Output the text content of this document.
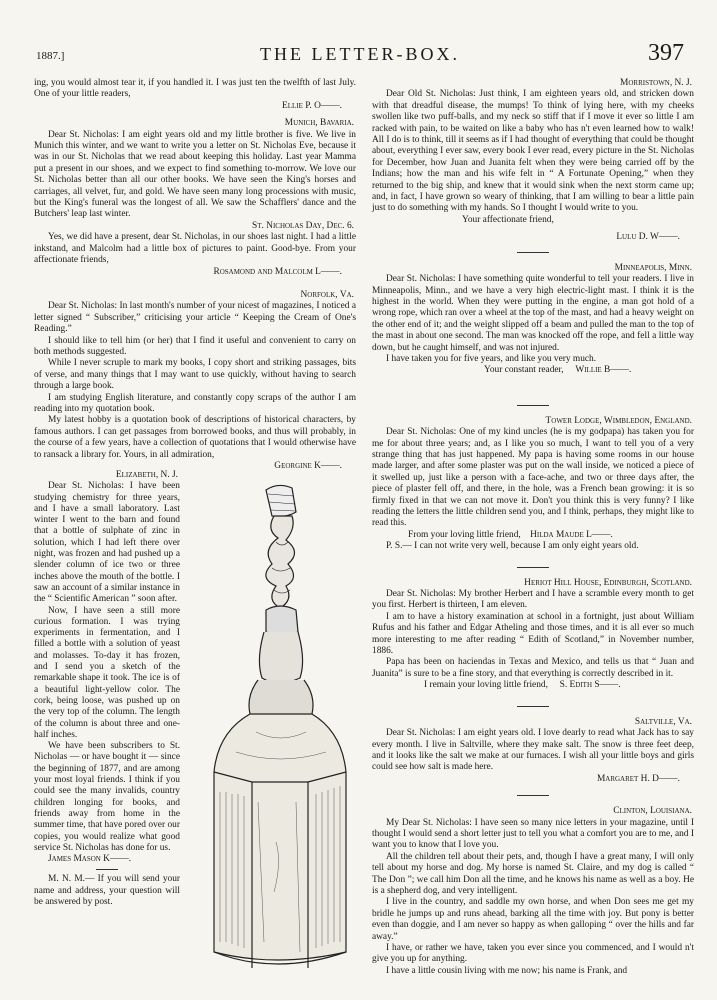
1887.]	THE LETTER-BOX.	397

ing, you would almost tear it, if you handled it. I was just ten the twelfth of last July. One of your little readers,

Ellie P. O——.

Munich, Bavaria.

Dear St. Nicholas: I am eight years old and my little brother is five. We live in Munich this winter, and we want to write you a letter on St. Nicholas Eve, because it was in our St. Nicholas that we read about keeping this holiday. Last year Mamma put a present in our shoes, and we expect to find something to-morrow. We love our St. Nicholas better than all our other books. We have seen the King's horses and carriages, all velvet, fur, and gold. We have seen many long processions with music, but the King's funeral was the longest of all. We saw the Schafflers' dance and the Butchers' leap last winter.

St. Nicholas Day, Dec. 6.

Yes, we did have a present, dear St. Nicholas, in our shoes last night. I had a little inkstand, and Malcolm had a little box of pictures to paint. Good-bye. From your affectionate friends,

Rosamond and Malcolm L——.

Norfolk, Va.

Dear St. Nicholas: In last month's number of your nicest of magazines, I noticed a letter signed “ Subscriber,” criticising your article “ Keeping the Cream of One's Reading.”

I should like to tell him (or her) that I find it useful and convenient to carry on both methods suggested.

While I never scruple to mark my books, I copy short and striking passages, bits of verse, and many things that I may want to use quickly, without having to search through a large book.

I am studying English literature, and constantly copy scraps of the author I am reading into my quotation book.

My latest hobby is a quotation book of descriptions of historical characters, by famous authors. I can get passages from borrowed books, and thus will probably, in the course of a few years, have a collection of quotations that I would otherwise have to ransack a library for. Yours, in all admiration,

Georgine K——.

Elizabeth, N. J.

Dear St. Nicholas: I have been studying chemistry for three years, and I have a small laboratory. Last winter I went to the barn and found that a bottle of sulphate of zinc in solution, which I had left there over night, was frozen and had pushed up a slender column of ice two or three inches above the mouth of the bottle. I saw an account of a similar instance in the “ Scientific American ” soon after.

Now, I have seen a still more curious formation. I was trying experiments in fermentation, and I filled a bottle with a solution of yeast and molasses. To-day it has frozen, and I send you a sketch of the remarkable shape it took. The ice is of a beautiful light-yellow color. The cork, being loose, was pushed up on the very top of the column. The length of the column is about three and one-half inches.

We have been subscribers to St. Nicholas — or have bought it — since the beginning of 1877, and are among your most loyal friends. I think if you could see the many invalids, country children longing for books, and friends away from home in the summer time, that have pored over our copies, you would realize what good service St. Nicholas has done for us.

James Mason K——.

M. N. M.— If you will send your name and address, your question will be answered by post.

Morristown, N. J.

Dear Old St. Nicholas: Just think, I am eighteen years old, and stricken down with that dreadful disease, the mumps! To think of lying here, with my cheeks swollen like two puff-balls, and my neck so stiff that if I move it ever so little I am racked with pain, to be waited on like a baby who has n't even learned how to walk! All I do is to think, till it seems as if I had thought of everything that could be thought about, everything I ever saw, every book I ever read, every picture in the St. Nicholas for December, how Juan and Juanita felt when they were being carried off by the Indians; how the man and his wife felt in “ A Fortunate Opening,” when they returned to the big ship, and knew that it would sink when the next storm came up; and, in fact, I have grown so weary of thinking, that I am willing to bear a little pain just to do something with my hands. So I thought I would write to you.

Your affectionate friend,

Lulu D. W——.

Minneapolis, Minn.

Dear St. Nicholas: I have something quite wonderful to tell your readers. I live in Minneapolis, Minn., and we have a very high electric-light mast. I think it is the highest in the world. When they were putting in the engine, a man got hold of a wrong rope, which ran over a wheel at the top of the mast, and had a heavy weight on the other end of it; and the weight slipped off a beam and pulled the man to the top of the mast in about one second. The man was knocked off the rope, and fell a little way down, but he caught himself, and was not injured.

I have taken you for five years, and like you very much.

Your constant reader, Willie B——.

Tower Lodge, Wimbledon, England.

Dear St. Nicholas: One of my kind uncles (he is my godpapa) has taken you for me for about three years; and, as I like you so much, I want to tell you of a very strange thing that has just happened. My papa is having some rooms in our house made larger, and after some plaster was put on the wall inside, we noticed a piece of it swelled up, just like a person with a face-ache, and two or three days after, the piece of plaster fell off, and there, in the hole, was a French bean growing: it is so firmly fixed in that we can not move it. Don't you think this is very funny? I like reading the letters the little children send you, and I think, perhaps, they might like to read this.

From your loving little friend, Hilda Maude L——.

P. S.— I can not write very well, because I am only eight years old.

Heriot Hill House, Edinburgh, Scotland.

Dear St. Nicholas: My brother Herbert and I have a scramble every month to get you first. Herbert is thirteen, I am eleven.

I am to have a history examination at school in a fortnight, just about William Rufus and his father and Edgar Atheling and those times, and it is all ever so much more interesting to me after reading “ Edith of Scotland,” in November number, 1886.

Papa has been on haciendas in Texas and Mexico, and tells us that “ Juan and Juanita” is sure to be a fine story, and that everything is correctly described in it.

I remain your loving little friend, S. Edith S——.

Saltville, Va.

Dear St. Nicholas: I am eight years old. I love dearly to read what Jack has to say every month. I live in Saltville, where they make salt. The snow is three feet deep, and it looks like the salt we make at our furnaces. I wish all your little boys and girls could see how salt is made here.

Margaret H. D——.

Clinton, Louisiana.

My Dear St. Nicholas: I have seen so many nice letters in your magazine, until I thought I would send a short letter just to tell you what a comfort you are to me, and I want you to know that I love you.

All the children tell about their pets, and, though I have a great many, I will only tell about my horse and dog. My horse is named St. Claire, and my dog is called “ The Don ”; we call him Don all the time, and he knows his name as well as a boy. He is a shepherd dog, and very intelligent.

I live in the country, and saddle my own horse, and when Don sees me get my bridle he jumps up and runs ahead, barking all the time with joy. But pony is better even than doggie, and I am never so happy as when galloping “ over the hills and far away.”

I have, or rather we have, taken you ever since you commenced, and I would n't give you up for anything.

I have a little cousin living with me now; his name is Frank, and
